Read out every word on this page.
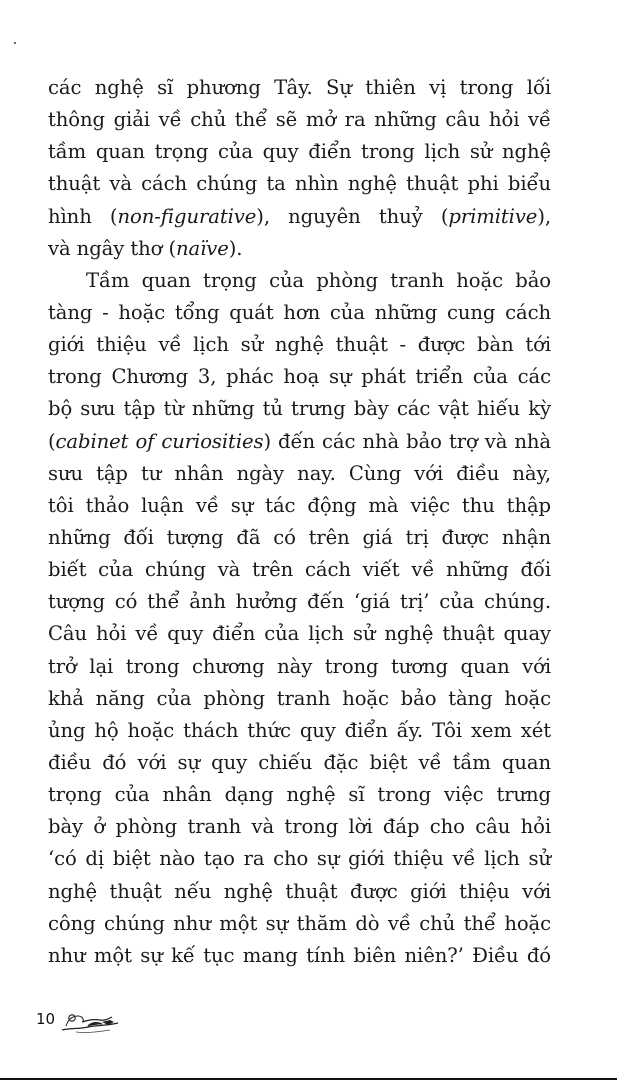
các nghệ sĩ phương Tây. Sự thiên vị trong lối
thông giải về chủ thể sẽ mở ra những câu hỏi về
tầm quan trọng của quy điển trong lịch sử nghệ
thuật và cách chúng ta nhìn nghệ thuật phi biểu
hình (non-figurative), nguyên thuỷ (primitive),
và ngây thơ (naïve).
Tầm quan trọng của phòng tranh hoặc bảo
tàng - hoặc tổng quát hơn của những cung cách
giới thiệu về lịch sử nghệ thuật - được bàn tới
trong Chương 3, phác hoạ sự phát triển của các
bộ sưu tập từ những tủ trưng bày các vật hiếu kỳ
(cabinet of curiosities) đến các nhà bảo trợ và nhà
sưu tập tư nhân ngày nay. Cùng với điều này,
tôi thảo luận về sự tác động mà việc thu thập
những đối tượng đã có trên giá trị được nhận
biết của chúng và trên cách viết về những đối
tượng có thể ảnh hưởng đến ‘giá trị’ của chúng.
Câu hỏi về quy điển của lịch sử nghệ thuật quay
trở lại trong chương này trong tương quan với
khả năng của phòng tranh hoặc bảo tàng hoặc
ủng hộ hoặc thách thức quy điển ấy. Tôi xem xét
điều đó với sự quy chiếu đặc biệt về tầm quan
trọng của nhân dạng nghệ sĩ trong việc trưng
bày ở phòng tranh và trong lời đáp cho câu hỏi
‘có dị biệt nào tạo ra cho sự giới thiệu về lịch sử
nghệ thuật nếu nghệ thuật được giới thiệu với
công chúng như một sự thăm dò về chủ thể hoặc
như một sự kế tục mang tính biên niên?’ Điều đó
10
